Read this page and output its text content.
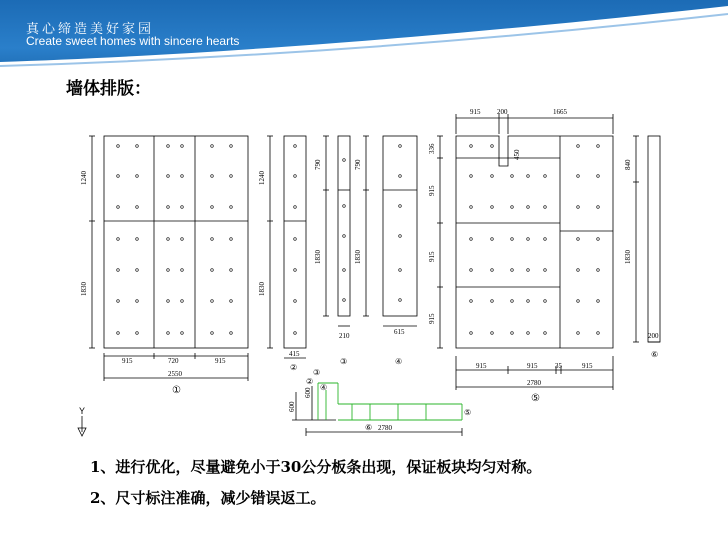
真心缔造美好家园
Create sweet homes with sincere hearts
墙体排版：
1240
1830
915	720	915
2550
1240
1830
415
790
1830
210
790
1830
615
915 200	1665
450
336
915
915
915
915	915	35	915
2780
840
1830
200
600
600
2780
①
②
③	④
⑤
⑥
②
③
④
⑥
⑤
Y
1、进行优化，尽量避免小于30公分板条出现，保证板块均匀对称。
2、尺寸标注准确，减少错误返工。
